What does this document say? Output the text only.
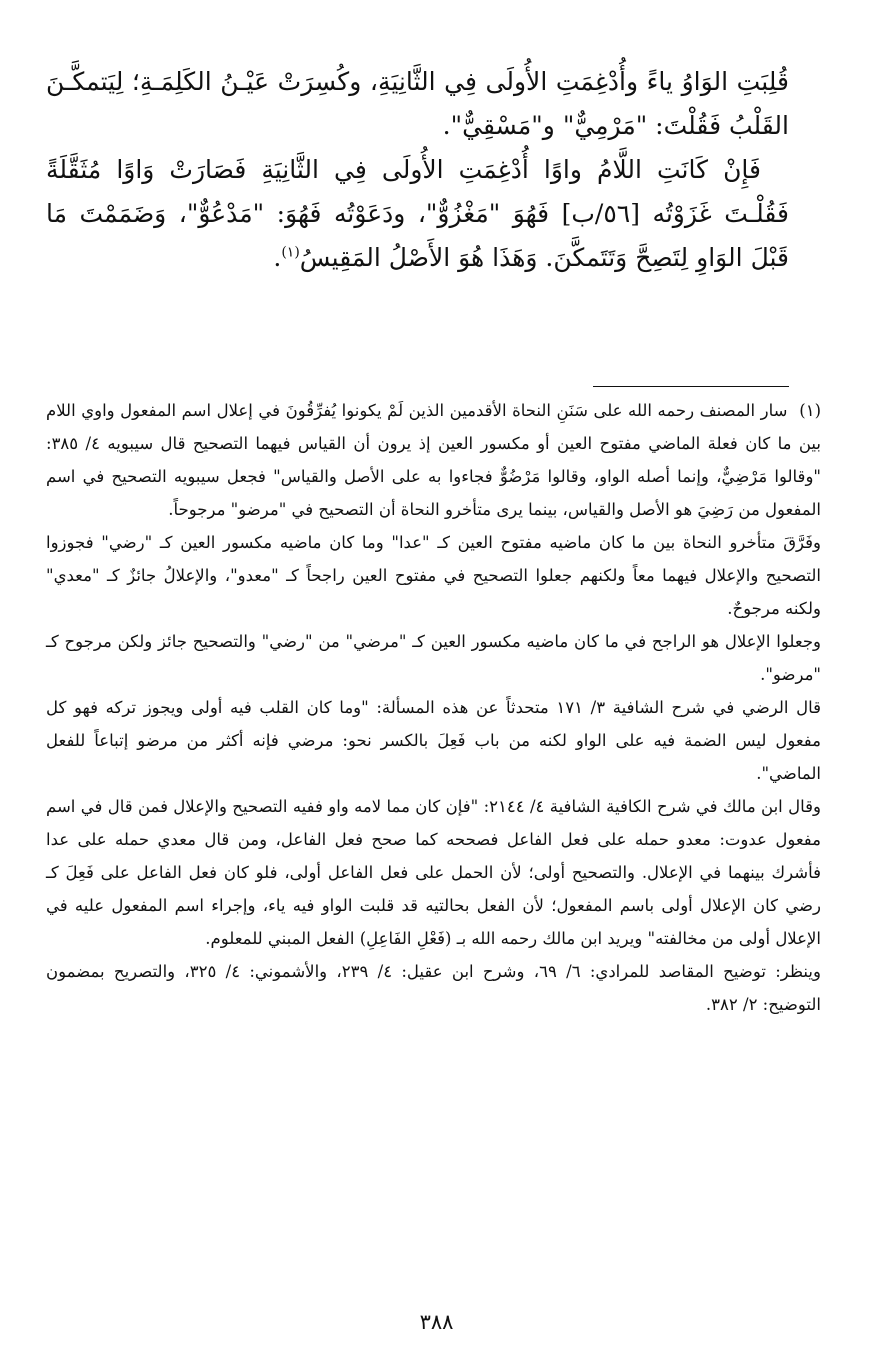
قُلِبَتِ الوَاوُ ياءً وأُدْغِمَتِ الأُولَى فِي الثَّانِيَةِ، وكُسِرَتْ عَيْـنُ الكَلِمَـةِ؛ لِيَتمكَّـنَ القَلْبُ فَقُلْتَ: "مَرْمِيٌّ" و"مَسْقِيٌّ".

فَإِنْ كَانَتِ اللَّامُ واوًا أُدْغِمَتِ الأُولَى فِي الثَّانِيَةِ فَصَارَتْ وَاوًا مُثَقَّلَةً فَقُلْـتَ غَزَوْتُه [٥٦/ب] فَهُوَ "مَغْزُوٌّ"، ودَعَوْتُه فَهُوَ: "مَدْعُوٌّ"، وَضَمَمْتَ مَا قَبْلَ الوَاوِ لِتَصِحَّ وَتَتَمكَّنَ. وَهَذَا هُوَ الأَصْلُ المَقِيسُ$^{(١)}$.

(١) سار المصنف رحمه الله على سَنَنِ النحاة الأقدمين الذين لَمْ يكونوا يُفرِّقُونَ في إعلال اسم المفعول واوي اللام بين ما كان فعلة الماضي مفتوح العين أو مكسور العين إذ يرون أن القياس فيهما التصحيح قال سيبويه ٤/ ٣٨٥: "وقالوا مَرْضِيٌّ، وإنما أصله الواو، وقالوا مَرْضُوٌّ فجاءوا به على الأصل والقياس" فجعل سيبويه التصحيح في اسم المفعول من رَضِيَ هو الأصل والقياس، بينما يرى متأخرو النحاة أن التصحيح في "مرضو" مرجوحاً.

وفَرَّقَ متأخرو النحاة بين ما كان ماضيه مفتوح العين كـ "عدا" وما كان ماضيه مكسور العين كـ "رضي" فجوزوا التصحيح والإعلال فيهما معاً ولكنهم جعلوا التصحيح في مفتوح العين راجحاً كـ "معدو"، والإعلالُ جائزٌ كـ "معدي" ولكنه مرجوحٌ.

وجعلوا الإعلال هو الراجح في ما كان ماضيه مكسور العين كـ "مرضي" من "رضي" والتصحيح جائز ولكن مرجوح كـ "مرضو".

قال الرضي في شرح الشافية ٣/ ١٧١ متحدثاً عن هذه المسألة: "وما كان القلب فيه أولى ويجوز تركه فهو كل مفعول ليس الضمة فيه على الواو لكنه من باب فَعِلَ بالكسر نحو: مرضي فإنه أكثر من مرضو إتباعاً للفعل الماضي".

وقال ابن مالك في شرح الكافية الشافية ٤/ ٢١٤٤: "فإن كان مما لامه واو ففيه التصحيح والإعلال فمن قال في اسم مفعول عدوت: معدو حمله على فعل الفاعل فصححه كما صحح فعل الفاعل، ومن قال معدي حمله على عدا فأشرك بينهما في الإعلال. والتصحيح أولى؛ لأن الحمل على فعل الفاعل أولى، فلو كان فعل الفاعل على فَعِلَ كـ رضي كان الإعلال أولى باسم المفعول؛ لأن الفعل بحالتيه قد قلبت الواو فيه ياء، وإجراء اسم المفعول عليه في الإعلال أولى من مخالفته" ويريد ابن مالك رحمه الله بـ (فَعْلِ الفَاعِلِ) الفعل المبني للمعلوم.

وينظر: توضيح المقاصد للمرادي: ٦/ ٦٩، وشرح ابن عقيل: ٤/ ٢٣٩، والأشموني: ٤/ ٣٢٥، والتصريح بمضمون التوضيح: ٢/ ٣٨٢.

٣٨٨
